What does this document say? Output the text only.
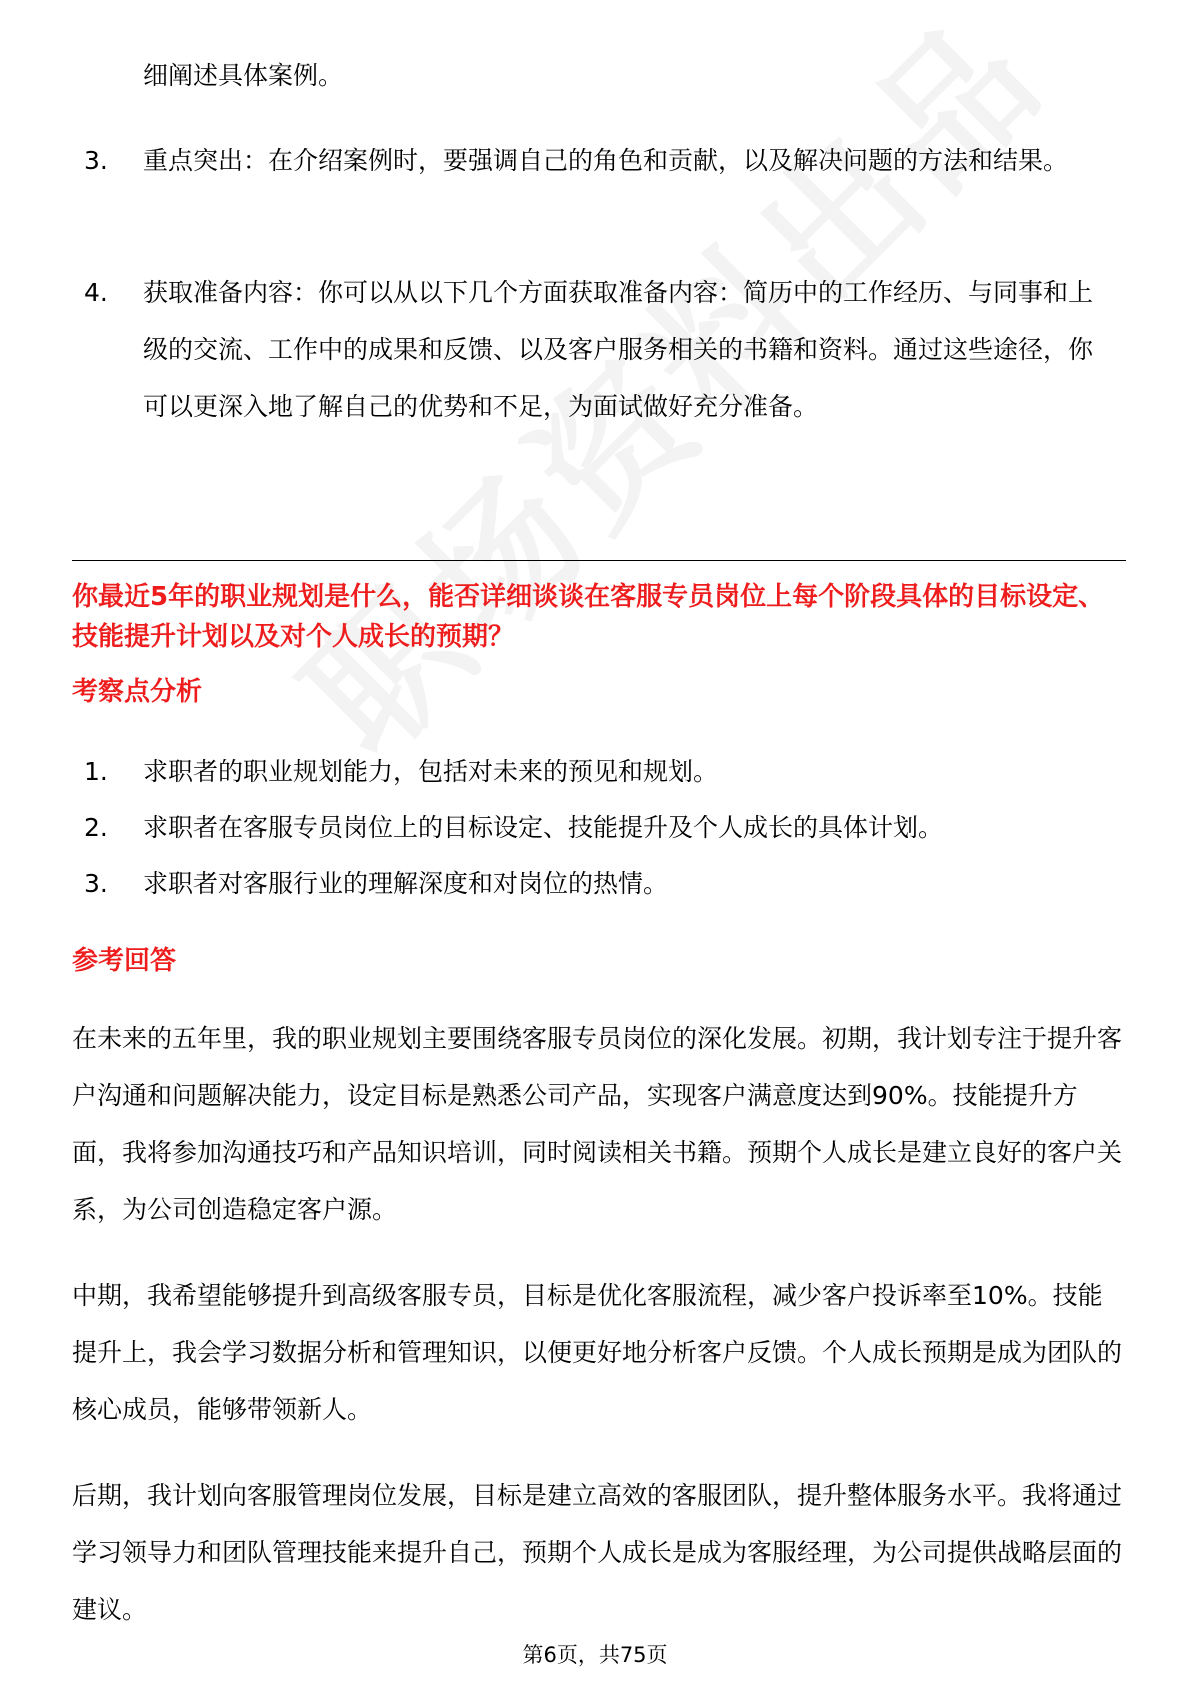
细阐述具体案例。
3.	重点突出：在介绍案例时，要强调自己的角色和贡献，以及解决问题的方法和结果。
4.	获取准备内容：你可以从以下几个方面获取准备内容：简历中的工作经历、与同事和上级的交流、工作中的成果和反馈、以及客户服务相关的书籍和资料。通过这些途径，你可以更深入地了解自己的优势和不足，为面试做好充分准备。
你最近5年的职业规划是什么，能否详细谈谈在客服专员岗位上每个阶段具体的目标设定、技能提升计划以及对个人成长的预期？
考察点分析
1.	求职者的职业规划能力，包括对未来的预见和规划。
2.	求职者在客服专员岗位上的目标设定、技能提升及个人成长的具体计划。
3.	求职者对客服行业的理解深度和对岗位的热情。
参考回答
在未来的五年里，我的职业规划主要围绕客服专员岗位的深化发展。初期，我计划专注于提升客户沟通和问题解决能力，设定目标是熟悉公司产品，实现客户满意度达到90%。技能提升方面，我将参加沟通技巧和产品知识培训，同时阅读相关书籍。预期个人成长是建立良好的客户关系，为公司创造稳定客户源。
中期，我希望能够提升到高级客服专员，目标是优化客服流程，减少客户投诉率至10%。技能提升上，我会学习数据分析和管理知识，以便更好地分析客户反馈。个人成长预期是成为团队的核心成员，能够带领新人。
后期，我计划向客服管理岗位发展，目标是建立高效的客服团队，提升整体服务水平。我将通过学习领导力和团队管理技能来提升自己，预期个人成长是成为客服经理，为公司提供战略层面的建议。
第6页，共75页
